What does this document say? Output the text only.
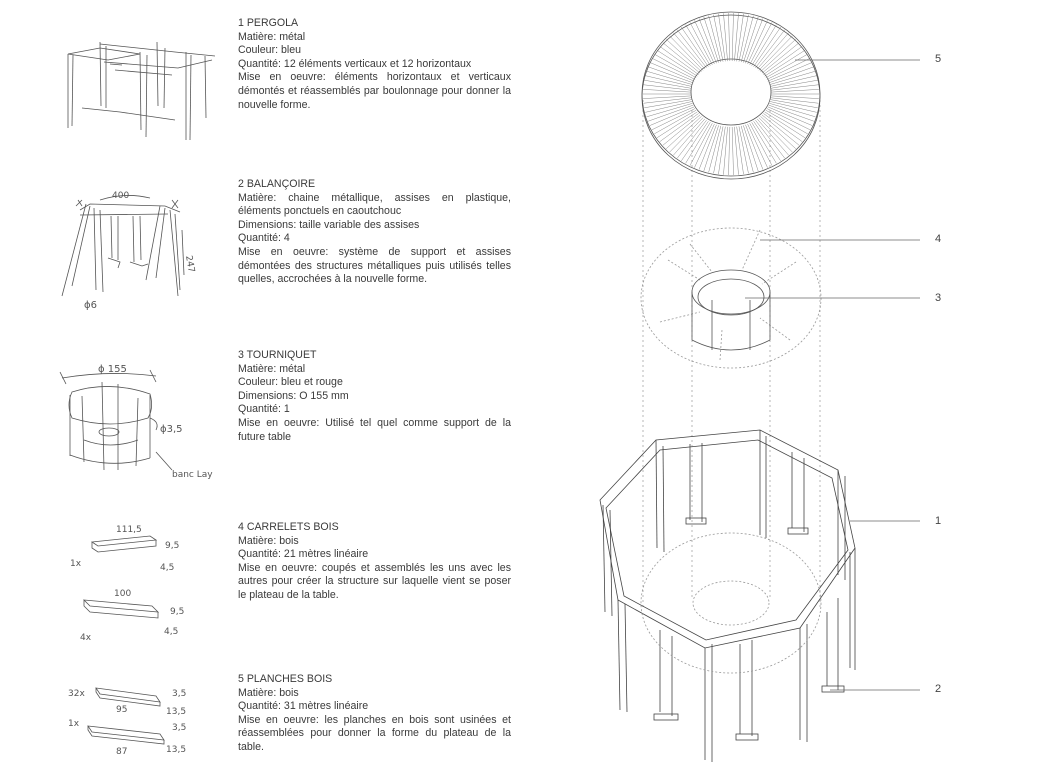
400
247
ϕ6
ϕ 155
ϕ3,5
banc Lay
111,5
9,5
4,5
1x
100
9,5
4,5
4x
32x
95
3,5
13,5
1x
87
3,5
13,5

1 PERGOLA

Matière: métal

Couleur: bleu

Quantité: 12 éléments verticaux et 12 horizontaux

Mise en oeuvre: éléments horizontaux et verticaux démontés et réassemblés par boulonnage pour donner la nouvelle forme.

2 BALANÇOIRE

Matière: chaine métallique, assises en plastique, éléments ponctuels en caoutchouc

Dimensions: taille variable des assises

Quantité: 4

Mise en oeuvre: système de support et assises démontées des structures métalliques puis utilisés telles quelles, accrochées à la nouvelle forme.

3 TOURNIQUET

Matière: métal

Couleur: bleu et rouge

Dimensions: O 155 mm

Quantité: 1

Mise en oeuvre: Utilisé tel quel comme support de la future table

4 CARRELETS BOIS

Matière: bois

Quantité: 21 mètres linéaire

Mise en oeuvre: coupés et assemblés les uns avec les autres pour créer la structure sur laquelle vient se poser le plateau de la table.

5 PLANCHES BOIS

Matière: bois

Quantité: 31 mètres linéaire

Mise en oeuvre: les planches en bois sont usinées et réassemblées pour donner la forme du plateau de la table.

5
4
3
1
2
